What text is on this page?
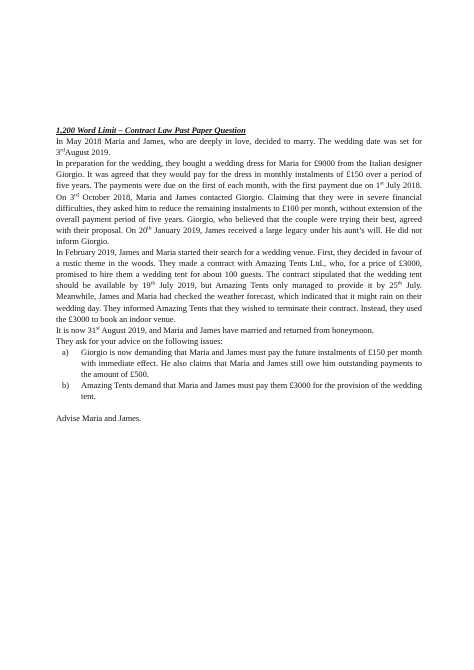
1,200 Word Limit – Contract Law Past Paper Question

In May 2018 Maria and James, who are deeply in love, decided to marry. The wedding date was set for 3rdAugust 2019.

In preparation for the wedding, they bought a wedding dress for Maria for £9000 from the Italian designer Giorgio. It was agreed that they would pay for the dress in monthly instalments of £150 over a period of five years. The payments were due on the first of each month, with the first payment due on 1st July 2018. On 3rd October 2018, Maria and James contacted Giorgio. Claiming that they were in severe financial difficulties, they asked him to reduce the remaining instalments to £100 per month, without extension of the overall payment period of five years. Giorgio, who believed that the couple were trying their best, agreed with their proposal. On 20th January 2019, James received a large legacy under his aunt’s will. He did not inform Giorgio.

In February 2019, James and Maria started their search for a wedding venue. First, they decided in favour of a rustic theme in the woods. They made a contract with Amazing Tents Ltd., who, for a price of £3000, promised to hire them a wedding tent for about 100 guests. The contract stipulated that the wedding tent should be available by 19th July 2019, but Amazing Tents only managed to provide it by 25th July. Meanwhile, James and Maria had checked the weather forecast, which indicated that it might rain on their wedding day. They informed Amazing Tents that they wished to terminate their contract. Instead, they used the £3000 to book an indoor venue.

It is now 31st August 2019, and Maria and James have married and returned from honeymoon.

They ask for your advice on the following issues:

a) Giorgio is now demanding that Maria and James must pay the future instalments of £150 per month with immediate effect. He also claims that Maria and James still owe him outstanding payments to the amount of £500.
b) Amazing Tents demand that Maria and James must pay them £3000 for the provision of the wedding tent.

Advise Maria and James.
